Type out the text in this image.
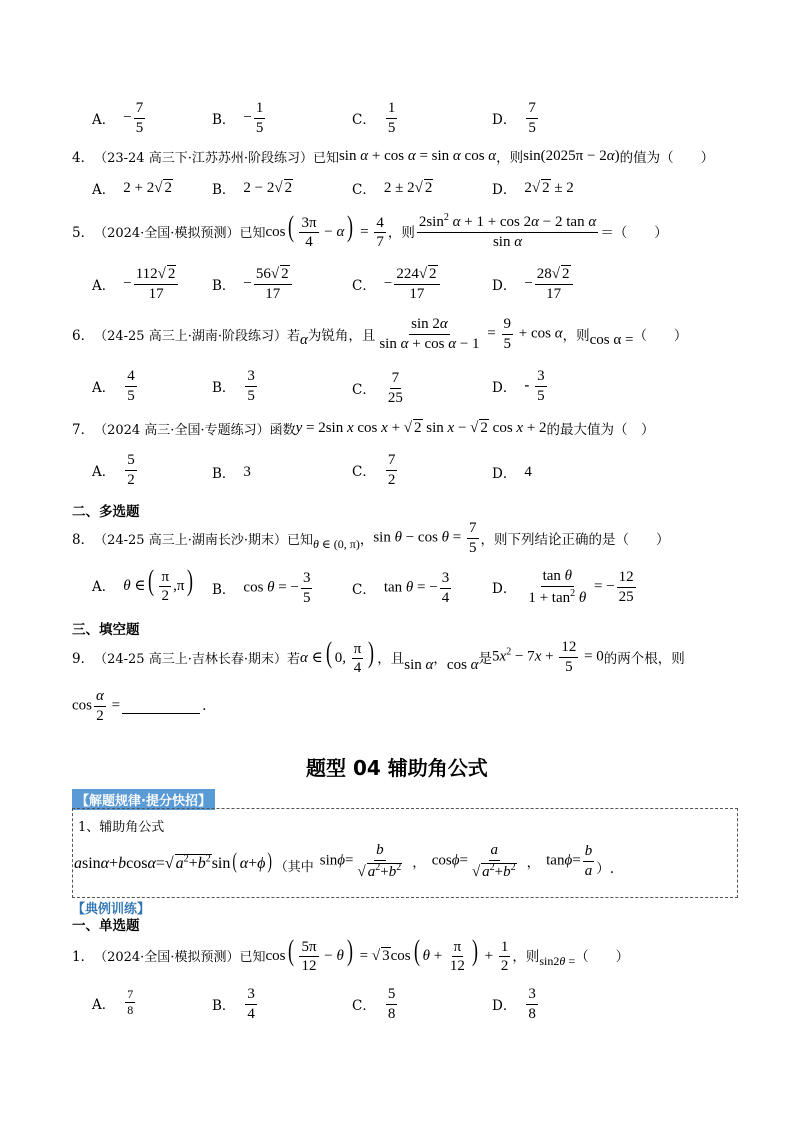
A． − $\frac{7}{5}$	B． − $\frac{1}{5}$	C． $\frac{1}{5}$	D． $\frac{7}{5}$
4． （23-24 高三下·江苏苏州·阶段练习）已知 sin α + cos α = sin α cos α ，则 sin(2025π − 2α) 的值为（　　）
A． 2 + 2 √ 2	B． 2 − 2 √ 2	C． 2 ± 2 √ 2	D． 2 √ 2 ± 2
5． （2024·全国·模拟预测）已知 cos ( $\frac{3\pi}{4} - \alpha$ ) = $\frac{4}{7}$ ，则 $\frac{2\sin^2 \alpha + 1 + \cos 2\alpha - 2 \tan \alpha}{\text{sin α}}$ ＝（　　）
A． − $\frac{112 √ 2}{17}$ B． − $\frac{56 √ 2}{17}$	C． − $\frac{224 √ 2}{17}$	D． − $\frac{28 √ 2}{17}$
6． （24-25 高三上·湖南·阶段练习）若 α 为锐角，且 $\frac{\sin 2\alpha}{\text{sin α + cos α − 1}} = \frac{9}{5} + \cos \alpha$ ，则 cos α = （　　）
A． $\frac{4}{5}$	B． $\frac{3}{5}$	C． $\frac{7}{25}$	D． - $\frac{3}{5}$
7． （2024 高三·全国·专题练习）函数 y = 2sin x cos x + √ 2 sin x − √ 2 cos x + 2 的最大值为（　）
A． $\frac{5}{2}$	B． 3	C． $\frac{7}{2}$	D． 4
二、多选题
8． （24-25 高三上·湖南长沙·期末）已知 θ ∈ (0, π) ， $\sin \theta - \cos \theta = \frac{7}{5}$ ，则下列结论正确的是（　　）
A． θ ∈ ( $\frac{\pi}{2} ,\pi$ ) B． cos θ = − $\frac{3}{5}$	C． tan θ = − $\frac{3}{4}$	D． $\frac{\text{tan θ}}{1 + \tan^2 \theta}$ = − $\frac{12}{25}$
三、填空题
9． （24-25 高三上·吉林长春·期末）若 α ∈ ( 0, $\frac{\pi}{4}$ ) ，且 sin α ， cos α 是 $5x^2 - 7x + \frac{12}{5} = 0$ 的两个根，则
$\cos \frac{\alpha}{2}$ =	.
题型 04 辅助角公式
【解题规律·提分快招】
1、辅助角公式
asinα+bcosα= √ $a^2+b^2\sin$ ( α+ϕ ) （其中 sinϕ= b
√ $a^2+b^2$ ， cosϕ= a
√ $a^2+b^2$ ， $\tan\phi= \frac{b}{a}$ ）.
【典例训练】
一、单选题
1． （2024·全国·模拟预测）已知 cos ( $\frac{5\pi}{12} - \theta$ ) = √ 3cos ( $\theta + \frac{\pi}{12}$ ) + $\frac{1}{2}$ ，则 sin2θ = （　　）
A． $\frac{7}{8}$	B． $\frac{3}{4}$	C． $\frac{5}{8}$	D． $\frac{3}{8}$
